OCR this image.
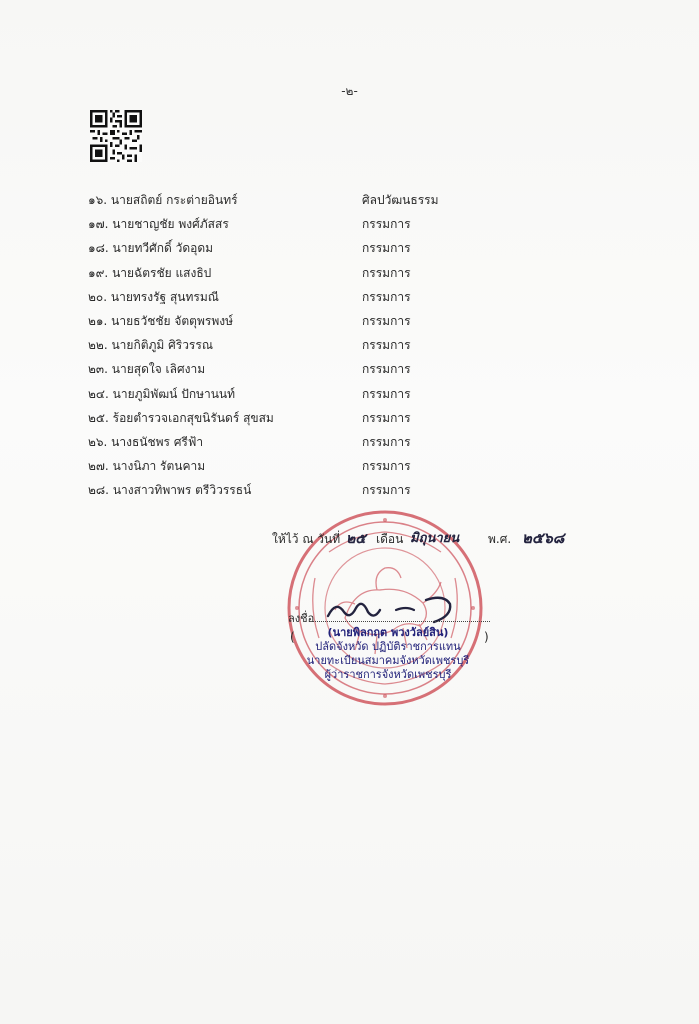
-๒-
๑๖. นายสถิตย์ กระต่ายอินทร์	ศิลปวัฒนธรรม
๑๗. นายชาญชัย พงศ์ภัสสร	กรรมการ
๑๘. นายทวีศักดิ์ วัดอุดม	กรรมการ
๑๙. นายฉัตรชัย แสงธิป	กรรมการ
๒๐. นายทรงรัฐ สุนทรมณี	กรรมการ
๒๑. นายธวัชชัย จัตตุพรพงษ์	กรรมการ
๒๒. นายกิติภูมิ ศิริวรรณ	กรรมการ
๒๓. นายสุดใจ เลิศงาม	กรรมการ
๒๔. นายภูมิพัฒน์ ปักษานนท์	กรรมการ
๒๕. ร้อยตำรวจเอกสุขนิรันดร์ สุขสม	กรรมการ
๒๖. นางธนัชพร ศรีฟ้า	กรรมการ
๒๗. นางนิภา รัตนคาม	กรรมการ
๒๘. นางสาวทิพาพร ตรีวิวรรธน์	กรรมการ
ให้ไว้ ณ วันที่ ๒๕ เดือน มิถุนายน พ.ศ. ๒๕๖๘
ลงชื่อ
(	)
(นายพิลกฤต พวงวัลย์สิน)
ปลัดจังหวัด ปฏิบัติราชการแทน
นายทะเบียนสมาคมจังหวัดเพชรบุรี
ผู้ว่าราชการจังหวัดเพชรบุรี
